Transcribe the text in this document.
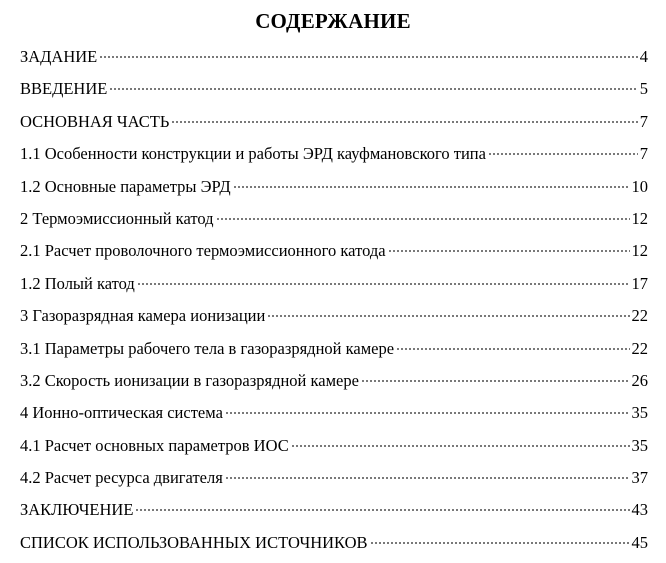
СОДЕРЖАНИЕ
ЗАДАНИЕ	4
ВВЕДЕНИЕ	5
ОСНОВНАЯ ЧАСТЬ	7
1.1 Особенности конструкции и работы ЭРД кауфмановского типа	7
1.2 Основные параметры ЭРД	10
2 Термоэмиссионный катод	12
2.1 Расчет проволочного термоэмиссионного катода	12
1.2 Полый катод	17
3 Газоразрядная камера ионизации	22
3.1 Параметры рабочего тела в газоразрядной камере	22
3.2 Скорость ионизации в газоразрядной камере	26
4 Ионно-оптическая система	35
4.1 Расчет основных параметров ИОС	35
4.2 Расчет ресурса двигателя	37
ЗАКЛЮЧЕНИЕ	43
СПИСОК ИСПОЛЬЗОВАННЫХ ИСТОЧНИКОВ	45
